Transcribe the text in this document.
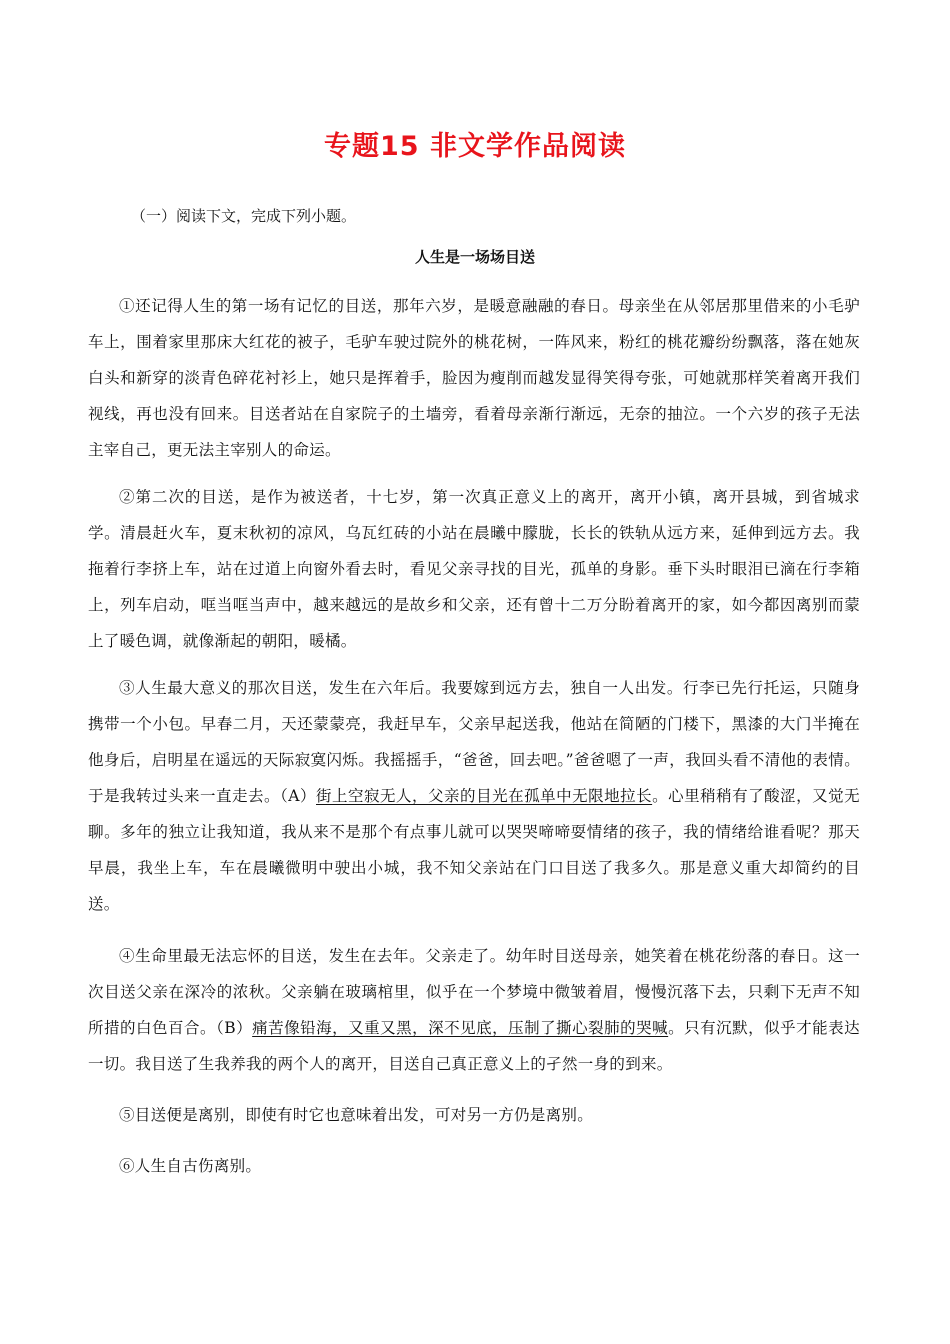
专题15 非文学作品阅读

（一）阅读下文，完成下列小题。

人生是一场场目送

①还记得人生的第一场有记忆的目送，那年六岁，是暖意融融的春日。母亲坐在从邻居那里借来的小毛驴车上，围着家里那床大红花的被子，毛驴车驶过院外的桃花树，一阵风来，粉红的桃花瓣纷纷飘落，落在她灰白头和新穿的淡青色碎花衬衫上，她只是挥着手，脸因为瘦削而越发显得笑得夸张，可她就那样笑着离开我们视线，再也没有回来。目送者站在自家院子的土墙旁，看着母亲渐行渐远，无奈的抽泣。一个六岁的孩子无法主宰自己，更无法主宰别人的命运。

②第二次的目送，是作为被送者，十七岁，第一次真正意义上的离开，离开小镇，离开县城，到省城求学。清晨赶火车，夏末秋初的凉风，乌瓦红砖的小站在晨曦中朦胧，长长的铁轨从远方来，延伸到远方去。我拖着行李挤上车，站在过道上向窗外看去时，看见父亲寻找的目光，孤单的身影。垂下头时眼泪已滴在行李箱上，列车启动，哐当哐当声中，越来越远的是故乡和父亲，还有曾十二万分盼着离开的家，如今都因离别而蒙上了暖色调，就像渐起的朝阳，暖橘。

③人生最大意义的那次目送，发生在六年后。我要嫁到远方去，独自一人出发。行李已先行托运，只随身携带一个小包。早春二月，天还蒙蒙亮，我赶早车，父亲早起送我，他站在简陋的门楼下，黑漆的大门半掩在他身后，启明星在遥远的天际寂寞闪烁。我摇摇手，“爸爸，回去吧。”爸爸嗯了一声，我回头看不清他的表情。于是我转过头来一直走去。（A）街上空寂无人，父亲的目光在孤单中无限地拉长。心里稍稍有了酸涩，又觉无聊。多年的独立让我知道，我从来不是那个有点事儿就可以哭哭啼啼耍情绪的孩子，我的情绪给谁看呢？那天早晨，我坐上车，车在晨曦微明中驶出小城，我不知父亲站在门口目送了我多久。那是意义重大却简约的目送。

④生命里最无法忘怀的目送，发生在去年。父亲走了。幼年时目送母亲，她笑着在桃花纷落的春日。这一次目送父亲在深冷的浓秋。父亲躺在玻璃棺里，似乎在一个梦境中微皱着眉，慢慢沉落下去，只剩下无声不知所措的白色百合。（B）痛苦像铅海，又重又黑，深不见底，压制了撕心裂肺的哭喊。只有沉默，似乎才能表达一切。我目送了生我养我的两个人的离开，目送自己真正意义上的孑然一身的到来。

⑤目送便是离别，即使有时它也意味着出发，可对另一方仍是离别。

⑥人生自古伤离别。
